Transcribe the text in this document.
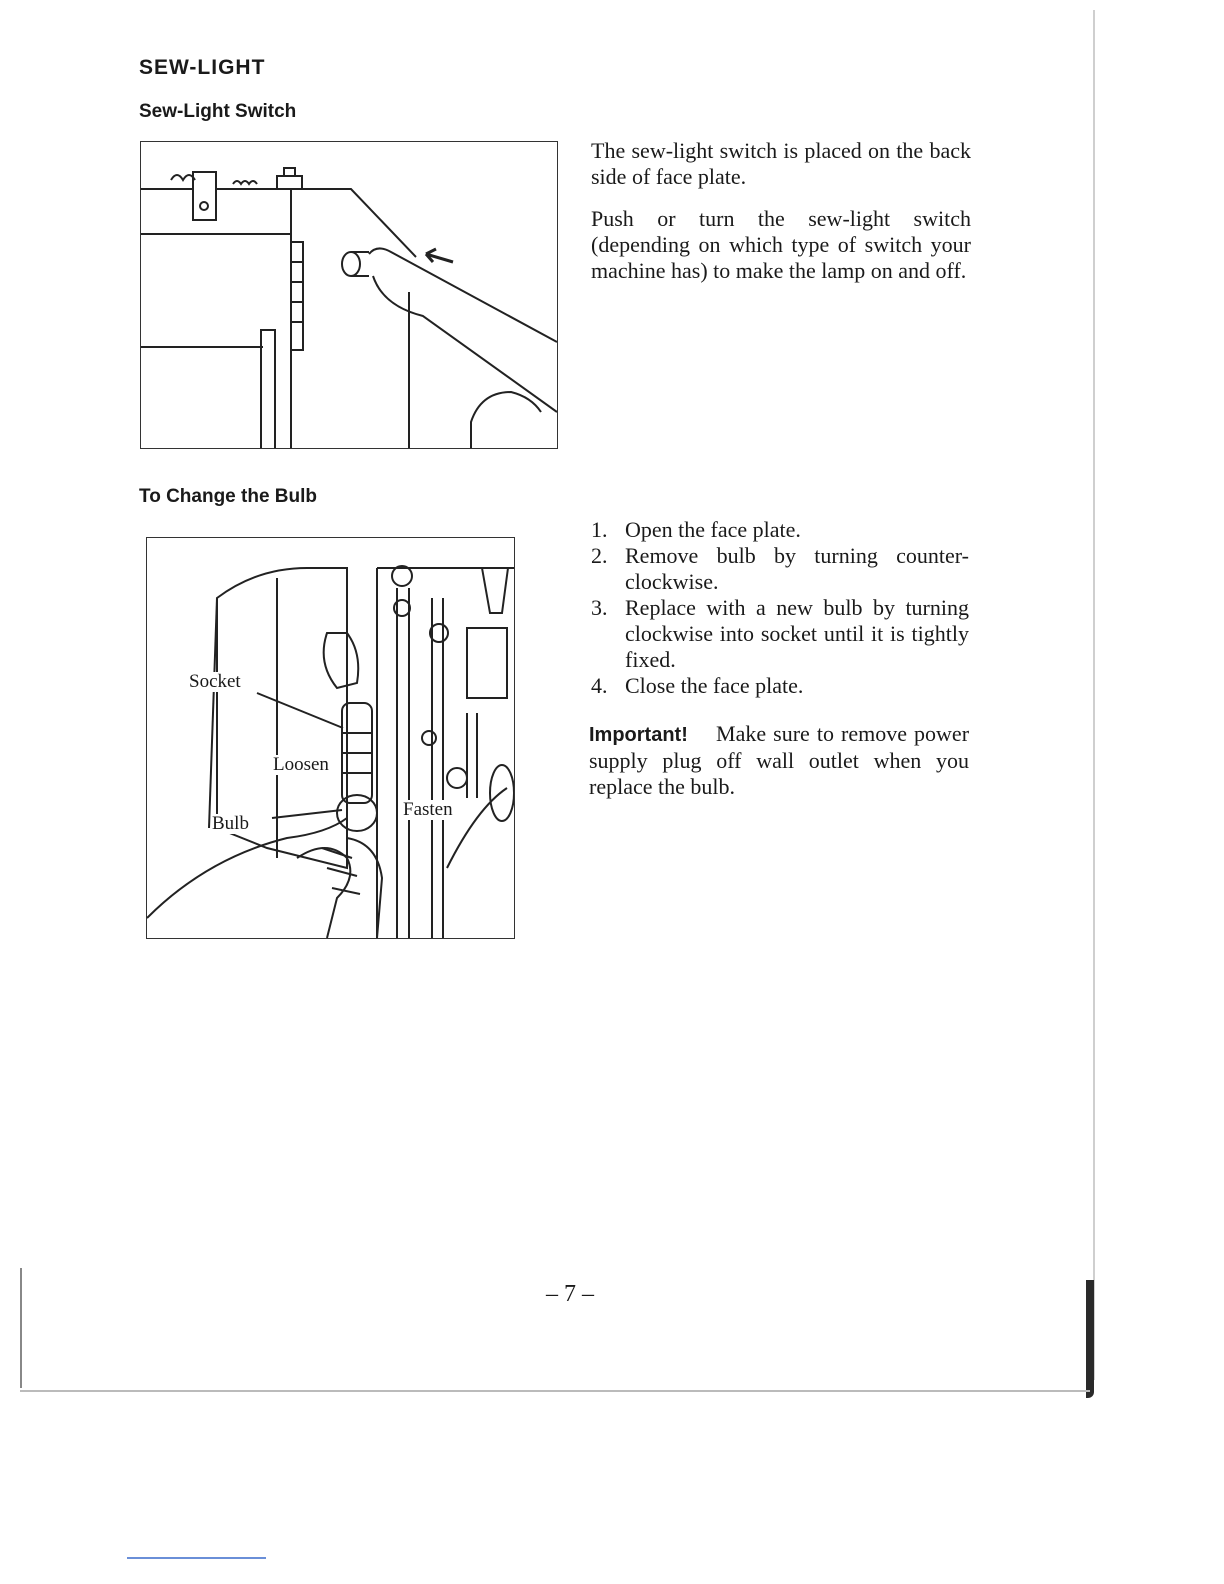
SEW-LIGHT
Sew-Light Switch

The sew-light switch is placed on the back side of face plate.

Push or turn the sew-light switch (depending on which type of switch your machine has) to make the lamp on and off.

To Change the Bulb
Socket
Loosen
Bulb
Fasten
1. Open the face plate.
2. Remove bulb by turning counter-clockwise.
3. Replace with a new bulb by turning clockwise into socket until it is tightly fixed.
4. Close the face plate.

Important! Make sure to remove power supply plug off wall outlet when you replace the bulb.

– 7 –
